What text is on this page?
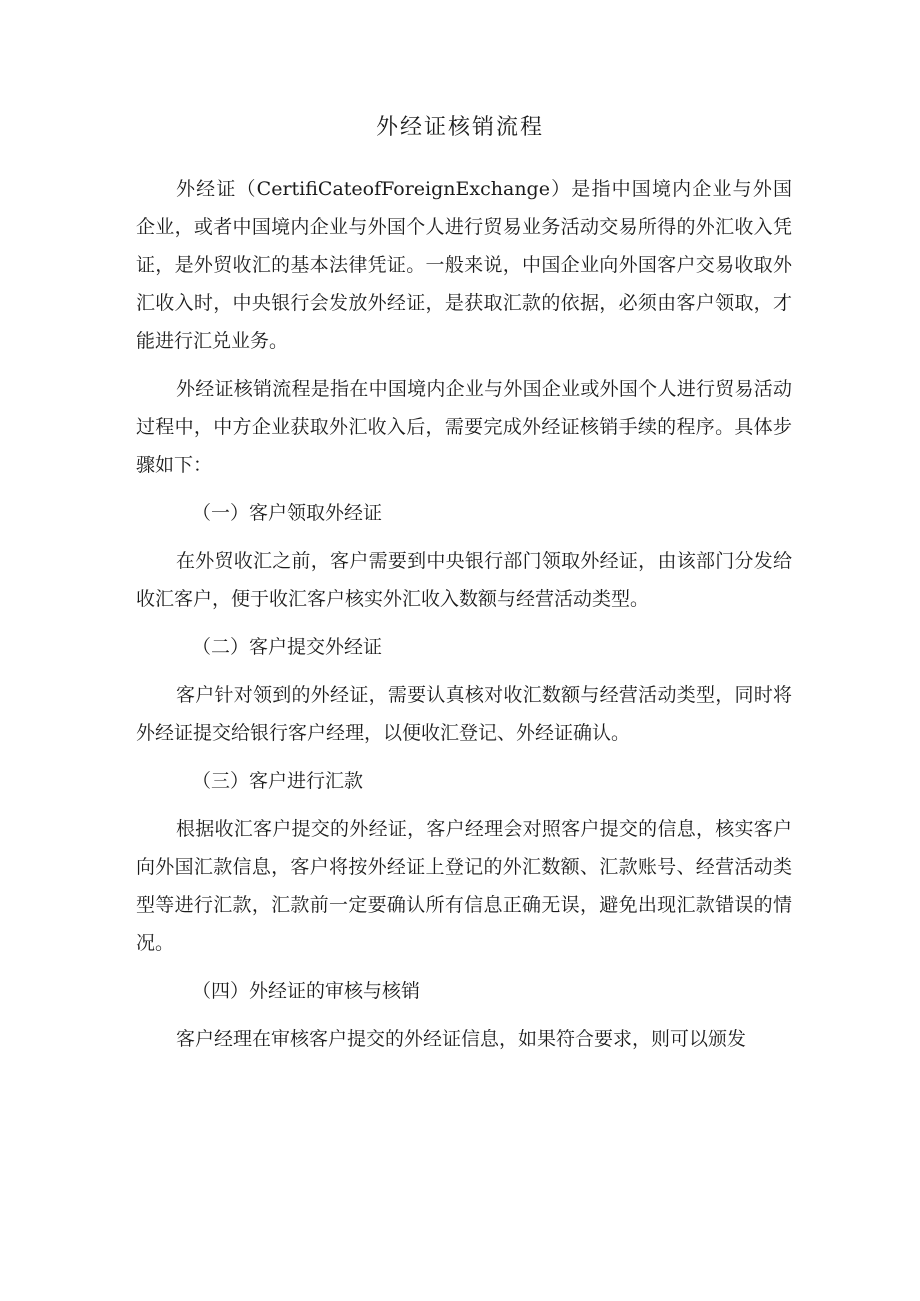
外经证核销流程

外经证（CertifiCateofForeignExchange）是指中国境内企业与外国企业，或者中国境内企业与外国个人进行贸易业务活动交易所得的外汇收入凭证，是外贸收汇的基本法律凭证。一般来说，中国企业向外国客户交易收取外汇收入时，中央银行会发放外经证，是获取汇款的依据，必须由客户领取，才能进行汇兑业务。

外经证核销流程是指在中国境内企业与外国企业或外国个人进行贸易活动过程中，中方企业获取外汇收入后，需要完成外经证核销手续的程序。具体步骤如下：

（一）客户领取外经证

在外贸收汇之前，客户需要到中央银行部门领取外经证，由该部门分发给收汇客户，便于收汇客户核实外汇收入数额与经营活动类型。

（二）客户提交外经证

客户针对领到的外经证，需要认真核对收汇数额与经营活动类型，同时将外经证提交给银行客户经理，以便收汇登记、外经证确认。

（三）客户进行汇款

根据收汇客户提交的外经证，客户经理会对照客户提交的信息，核实客户向外国汇款信息，客户将按外经证上登记的外汇数额、汇款账号、经营活动类型等进行汇款，汇款前一定要确认所有信息正确无误，避免出现汇款错误的情况。

（四）外经证的审核与核销

客户经理在审核客户提交的外经证信息，如果符合要求，则可以颁发
